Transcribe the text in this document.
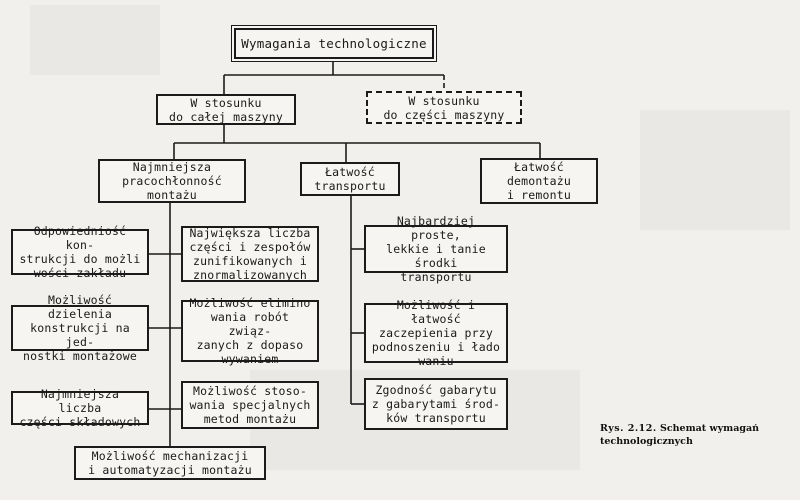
Wymagania technologiczne
W stosunku
do całej maszyny
W stosunku
do części maszyny
Najmniejsza
pracochłonność
montażu
Łatwość
transportu
Łatwość
demontażu
i remontu
Odpowiedniość kon-
strukcji do możli
wości zakładu
Możliwość dzielenia
konstrukcji na jed-
nostki montażowe
Najmniejsza liczba
części składowych
Największa liczba
części i zespołów
zunifikowanych i
znormalizowanych
Możliwość elimino
wania robót związ-
zanych z dopaso
wywaniem
Możliwość stoso-
wania specjalnych
metod montażu
Możliwość mechanizacji
i automatyzacji montażu
Najbardziej proste,
lekkie i tanie środki
transportu
Możliwość i łatwość
zaczepienia przy
podnoszeniu i łado
waniu
Zgodność gabarytu
z gabarytami środ-
ków transportu
Rys. 2.12. Schemat wymagań technologicznych
